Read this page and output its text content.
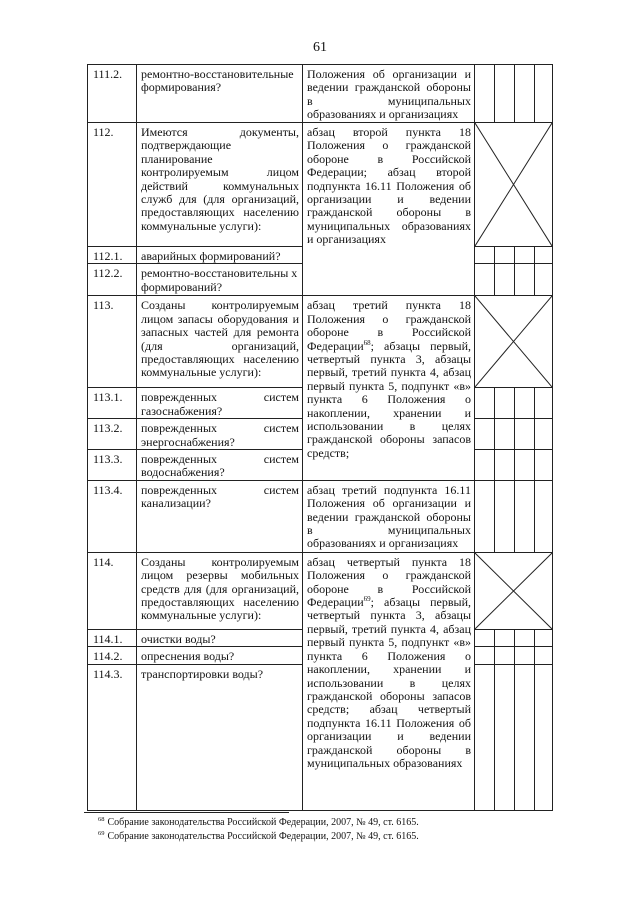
61
111.2.	ремонтно-восстановительные формирования?	Положения об организации и ведении гражданской обороны в муниципальных образованиях и организациях				
112.	Имеются документы, подтверждающие планирование контролируемым лицом действий коммунальных служб для (для организаций, предоставляющих населению коммунальные услуги):	абзац второй пункта 18 Положения о гражданской обороне в Российской Федерации; абзац второй подпункта 16.11 Положения об организации и ведении гражданской обороны в муниципальных образованиях и организациях	

112.1.	аварийных формирований?					
112.2.	ремонтно-восстановительны х формирований?					
113.	Созданы контролируемым лицом запасы оборудования и запасных частей для ремонта (для организаций, предоставляющих населению коммунальные услуги):	абзац третий пункта 18 Положения о гражданской обороне в Российской Федерации$^{68}$; абзацы первый, четвертый пункта 3, абзацы первый, третий пункта 4, абзац первый пункта 5, подпункт «в» пункта 6 Положения о накоплении, хранении и использовании в целях гражданской обороны запасов средств;	

113.1.	поврежденных систем газоснабжения?					
113.2.	поврежденных систем энергоснабжения?					
113.3.	поврежденных систем водоснабжения?					
113.4.	поврежденных систем канализации?	абзац третий подпункта 16.11 Положения об организации и ведении гражданской обороны в муниципальных образованиях и организациях				
114.	Созданы контролируемым лицом резервы мобильных средств для (для организаций, предоставляющих населению коммунальные услуги):	абзац четвертый пункта 18 Положения о гражданской обороне в Российской Федерации$^{69}$; абзацы первый, четвертый пункта 3, абзацы первый, третий пункта 4, абзац первый пункта 5, подпункт «в» пункта 6 Положения о накоплении, хранении и использовании в целях гражданской обороны запасов средств; абзац четвертый подпункта 16.11 Положения об организации и ведении гражданской обороны в муниципальных образованиях	

114.1.	очистки воды?					
114.2.	опреснения воды?					
114.3.	транспортировки воды?					
$^{68}$ Собрание законодательства Российской Федерации, 2007, № 49, ст. 6165.
$^{69}$ Собрание законодательства Российской Федерации, 2007, № 49, ст. 6165.
